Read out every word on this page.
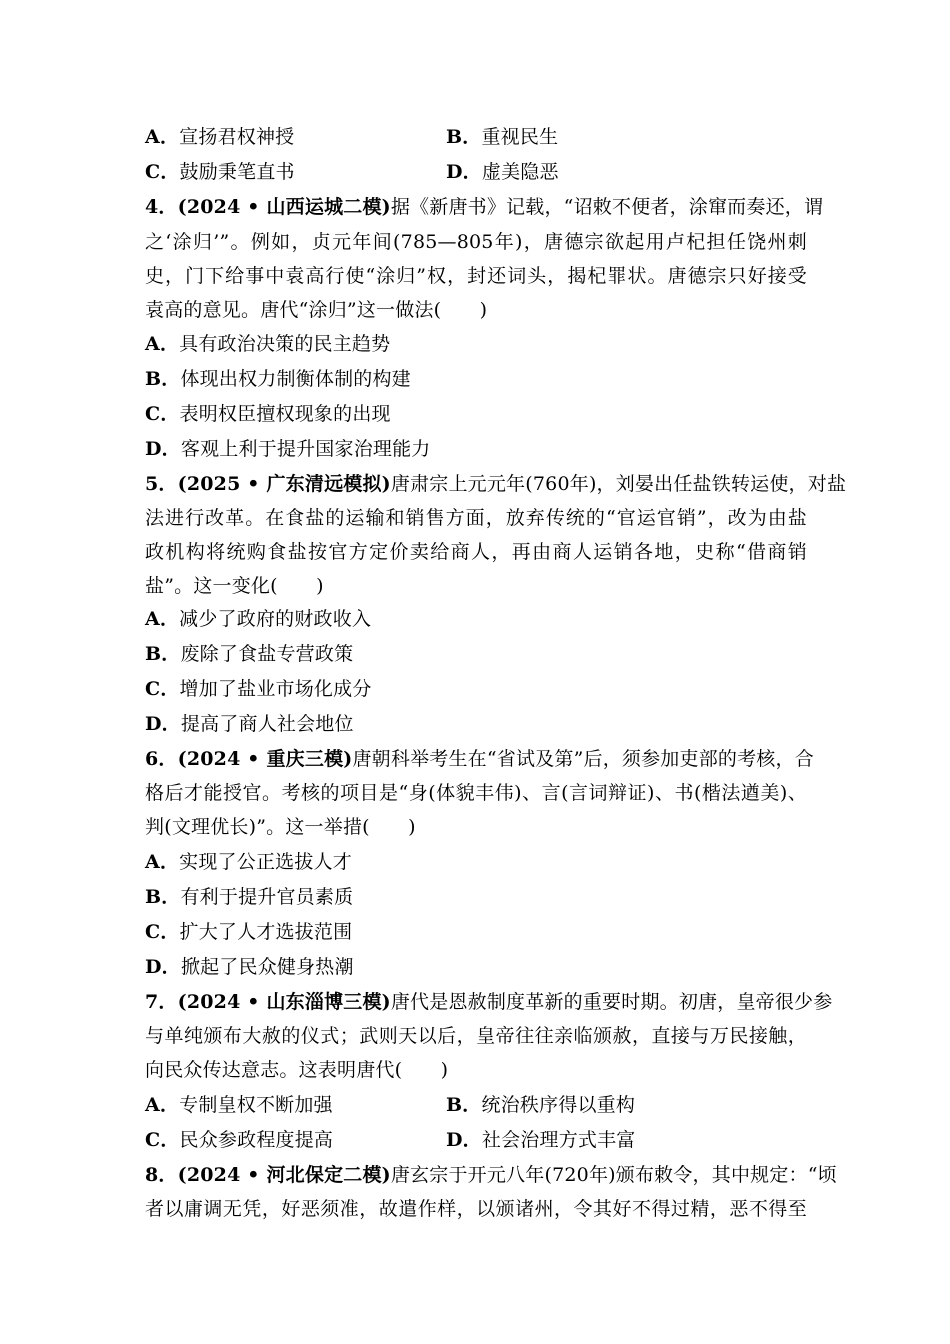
A．宣扬君权神授	B．重视民生
C．鼓励秉笔直书	D．虚美隐恶
4．(2024 • 山西运城二模)据《新唐书》记载，“诏敕不便者，涂窜而奏还，谓
之‘涂归’”。例如，贞元年间(785—805年)，唐德宗欲起用卢杞担任饶州刺
史，门下给事中袁高行使“涂归”权，封还词头，揭杞罪状。唐德宗只好接受
袁高的意见。唐代“涂归”这一做法(　　)
A．具有政治决策的民主趋势
B．体现出权力制衡体制的构建
C．表明权臣擅权现象的出现
D．客观上利于提升国家治理能力
5．(2025 • 广东清远模拟)唐肃宗上元元年(760年)，刘晏出任盐铁转运使，对盐
法进行改革。在食盐的运输和销售方面，放弃传统的“官运官销”，改为由盐
政机构将统购食盐按官方定价卖给商人，再由商人运销各地，史称“借商销
盐”。这一变化(　　)
A．减少了政府的财政收入
B．废除了食盐专营政策
C．增加了盐业市场化成分
D．提高了商人社会地位
6．(2024 • 重庆三模)唐朝科举考生在“省试及第”后，须参加吏部的考核，合
格后才能授官。考核的项目是“身(体貌丰伟)、言(言词辩证)、书(楷法遒美)、
判(文理优长)”。这一举措(　　)
A．实现了公正选拔人才
B．有利于提升官员素质
C．扩大了人才选拔范围
D．掀起了民众健身热潮
7．(2024 • 山东淄博三模)唐代是恩赦制度革新的重要时期。初唐，皇帝很少参
与单纯颁布大赦的仪式；武则天以后，皇帝往往亲临颁赦，直接与万民接触，
向民众传达意志。这表明唐代(　　)
A．专制皇权不断加强	B．统治秩序得以重构
C．民众参政程度提高	D．社会治理方式丰富
8．(2024 • 河北保定二模)唐玄宗于开元八年(720年)颁布敕令，其中规定：“顷
者以庸调无凭，好恶须准，故遣作样，以颁诸州，令其好不得过精，恶不得至
